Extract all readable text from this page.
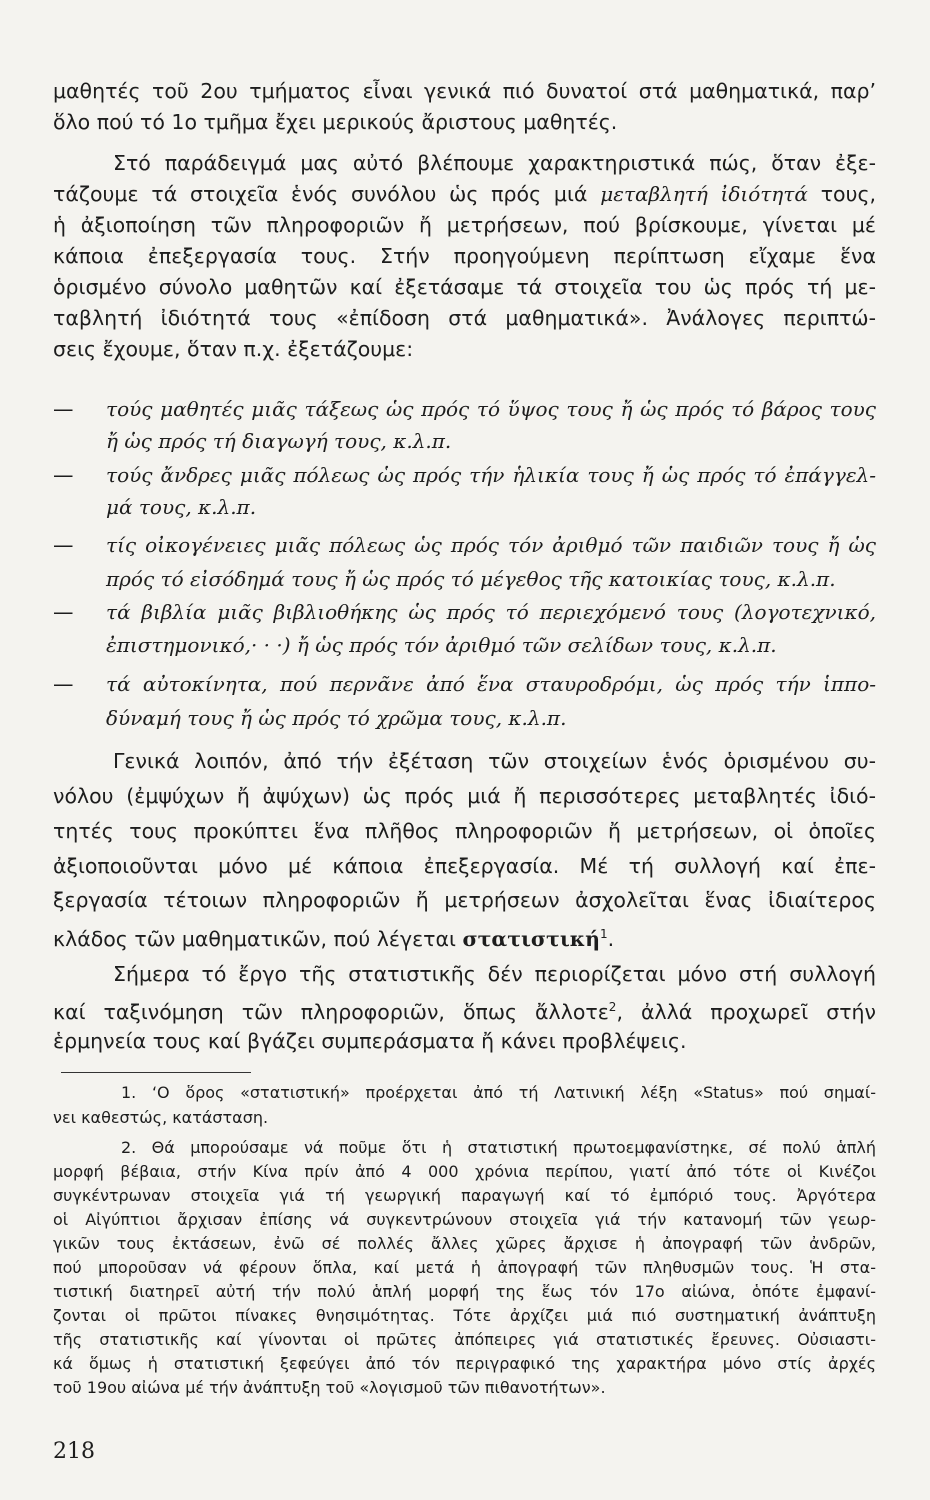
μαθητές τοῦ 2ου τμήματος εἶναι γενικά πιό δυνατοί στά μαθηματικά, παρ’
ὅλο πού τό 1ο τμῆμα ἔχει μερικούς ἄριστους μαθητές.
Στό παράδειγμά μας αὐτό βλέπουμε χαρακτηριστικά πώς, ὅταν ἐξε-
τάζουμε τά στοιχεῖα ἑνός συνόλου ὡς πρός μιά μεταβλητή ἰδιότητά τους,
ἡ ἀξιοποίηση τῶν πληροφοριῶν ἤ μετρήσεων, πού βρίσκουμε, γίνεται μέ
κάποια ἐπεξεργασία τους. Στήν προηγούμενη περίπτωση εἴχαμε ἕνα
ὁρισμένο σύνολο μαθητῶν καί ἐξετάσαμε τά στοιχεῖα του ὡς πρός τή με-
ταβλητή ἰδιότητά τους «ἐπίδοση στά μαθηματικά». Ἀνάλογες περιπτώ-
σεις ἔχουμε, ὅταν π.χ. ἐξετάζουμε:
—	τούς μαθητές μιᾶς τάξεως ὡς πρός τό ὕψος τους ἤ ὡς πρός τό βάρος τους
ἤ ὡς πρός τή διαγωγή τους, κ.λ.π.
—	τούς ἄνδρες μιᾶς πόλεως ὡς πρός τήν ἡλικία τους ἤ ὡς πρός τό ἐπάγγελ-
μά τους, κ.λ.π.
—	τίς οἰκογένειες μιᾶς πόλεως ὡς πρός τόν ἀριθμό τῶν παιδιῶν τους ἤ ὡς
πρός τό εἰσόδημά τους ἤ ὡς πρός τό μέγεθος τῆς κατοικίας τους, κ.λ.π.
—	τά βιβλία μιᾶς βιβλιοθήκης ὡς πρός τό περιεχόμενό τους (λογοτεχνικό,
ἐπιστημονικό,· · ·) ἤ ὡς πρός τόν ἀριθμό τῶν σελίδων τους, κ.λ.π.
—	τά αὐτοκίνητα, πού περνᾶνε ἀπό ἕνα σταυροδρόμι, ὡς πρός τήν ἱππο-
δύναμή τους ἤ ὡς πρός τό χρῶμα τους, κ.λ.π.
Γενικά λοιπόν, ἀπό τήν ἐξέταση τῶν στοιχείων ἑνός ὁρισμένου συ-
νόλου (ἐμψύχων ἤ ἀψύχων) ὡς πρός μιά ἤ περισσότερες μεταβλητές ἰδιό-
τητές τους προκύπτει ἕνα πλῆθος πληροφοριῶν ἤ μετρήσεων, οἱ ὁποῖες
ἀξιοποιοῦνται μόνο μέ κάποια ἐπεξεργασία. Μέ τή συλλογή καί ἐπε-
ξεργασία τέτοιων πληροφοριῶν ἤ μετρήσεων ἀσχολεῖται ἕνας ἰδιαίτερος
κλάδος τῶν μαθηματικῶν, πού λέγεται στατιστική$^1$.
Σήμερα τό ἔργο τῆς στατιστικῆς δέν περιορίζεται μόνο στή συλλογή
καί ταξινόμηση τῶν πληροφοριῶν, ὅπως ἄλλοτε$^2$, ἀλλά προχωρεῖ στήν
ἑρμηνεία τους καί βγάζει συμπεράσματα ἤ κάνει προβλέψεις.
1. ‘Ο ὅρος «στατιστική» προέρχεται ἀπό τή Λατινική λέξη «Status» πού σημαί-
νει καθεστώς, κατάσταση.
2. Θά μπορούσαμε νά ποῦμε ὅτι ἡ στατιστική πρωτοεμφανίστηκε, σέ πολύ ἁπλή
μορφή βέβαια, στήν Κίνα πρίν ἀπό 4 000 χρόνια περίπου, γιατί ἀπό τότε οἱ Κινέζοι
συγκέντρωναν στοιχεῖα γιά τή γεωργική παραγωγή καί τό ἐμπόριό τους. Ἀργότερα
οἱ Αἰγύπτιοι ἄρχισαν ἐπίσης νά συγκεντρώνουν στοιχεῖα γιά τήν κατανομή τῶν γεωρ-
γικῶν τους ἐκτάσεων, ἐνῶ σέ πολλές ἄλλες χῶρες ἄρχισε ἡ ἀπογραφή τῶν ἀνδρῶν,
πού μποροῦσαν νά φέρουν ὅπλα, καί μετά ἡ ἀπογραφή τῶν πληθυσμῶν τους. Ἡ στα-
τιστική διατηρεῖ αὐτή τήν πολύ ἁπλή μορφή της ἕως τόν 17ο αἰώνα, ὁπότε ἐμφανί-
ζονται οἱ πρῶτοι πίνακες θνησιμότητας. Τότε ἀρχίζει μιά πιό συστηματική ἀνάπτυξη
τῆς στατιστικῆς καί γίνονται οἱ πρῶτες ἀπόπειρες γιά στατιστικές ἔρευνες. Οὐσιαστι-
κά ὅμως ἡ στατιστική ξεφεύγει ἀπό τόν περιγραφικό της χαρακτήρα μόνο στίς ἀρχές
τοῦ 19ου αἰώνα μέ τήν ἀνάπτυξη τοῦ «λογισμοῦ τῶν πιθανοτήτων».
218
